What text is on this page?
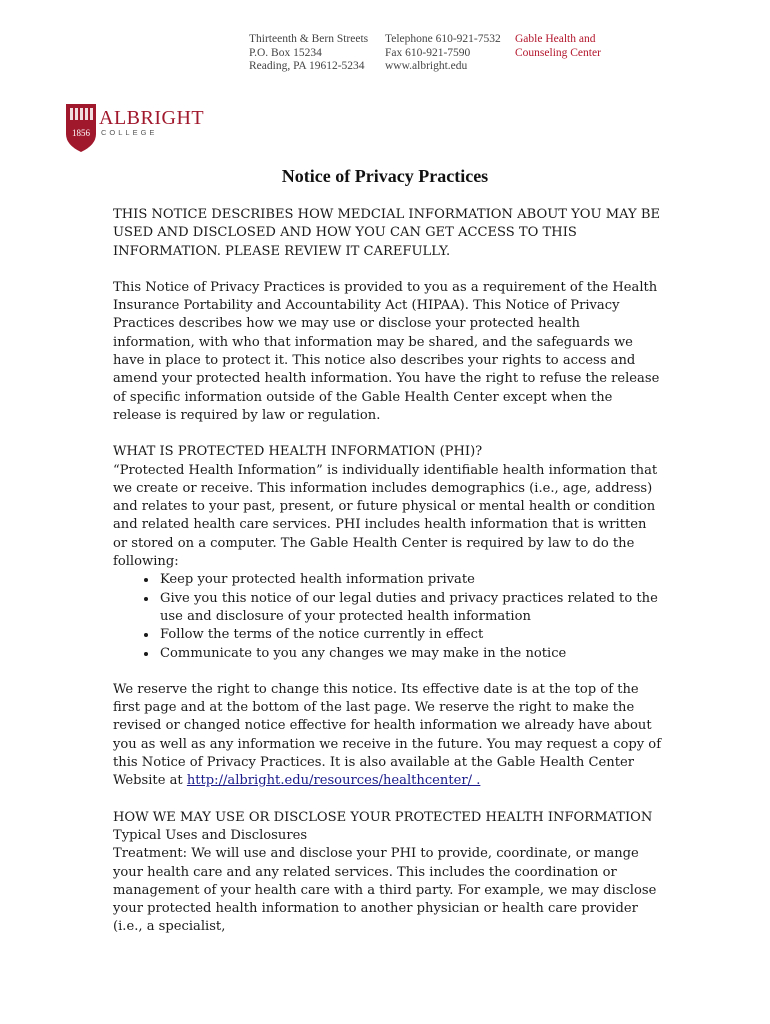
Thirteenth & Bern Streets
P.O. Box 15234
Reading, PA 19612-5234
Telephone 610-921-7532
Fax 610-921-7590
www.albright.edu
Gable Health and
Counseling Center
1856
ALBRIGHT
COLLEGE
Notice of Privacy Practices

THIS NOTICE DESCRIBES HOW MEDCIAL INFORMATION ABOUT YOU MAY BE USED AND DISCLOSED AND HOW YOU CAN GET ACCESS TO THIS INFORMATION. PLEASE REVIEW IT CAREFULLY.

This Notice of Privacy Practices is provided to you as a requirement of the Health Insurance Portability and Accountability Act (HIPAA). This Notice of Privacy Practices describes how we may use or disclose your protected health information, with who that information may be shared, and the safeguards we have in place to protect it. This notice also describes your rights to access and amend your protected health information. You have the right to refuse the release of specific information outside of the Gable Health Center except when the release is required by law or regulation.

WHAT IS PROTECTED HEALTH INFORMATION (PHI)?

“Protected Health Information” is individually identifiable health information that we create or receive. This information includes demographics (i.e., age, address) and relates to your past, present, or future physical or mental health or condition and related health care services. PHI includes health information that is written or stored on a computer. The Gable Health Center is required by law to do the following:

• Keep your protected health information private
• Give you this notice of our legal duties and privacy practices related to the use and disclosure of your protected health information
• Follow the terms of the notice currently in effect
• Communicate to you any changes we may make in the notice

We reserve the right to change this notice. Its effective date is at the top of the first page and at the bottom of the last page. We reserve the right to make the revised or changed notice effective for health information we already have about you as well as any information we receive in the future. You may request a copy of this Notice of Privacy Practices. It is also available at the Gable Health Center Website at http://albright.edu/resources/healthcenter/ .

HOW WE MAY USE OR DISCLOSE YOUR PROTECTED HEALTH INFORMATION

Typical Uses and Disclosures

Treatment: We will use and disclose your PHI to provide, coordinate, or mange your health care and any related services. This includes the coordination or management of your health care with a third party. For example, we may disclose your protected health information to another physician or health care provider (i.e., a specialist,
